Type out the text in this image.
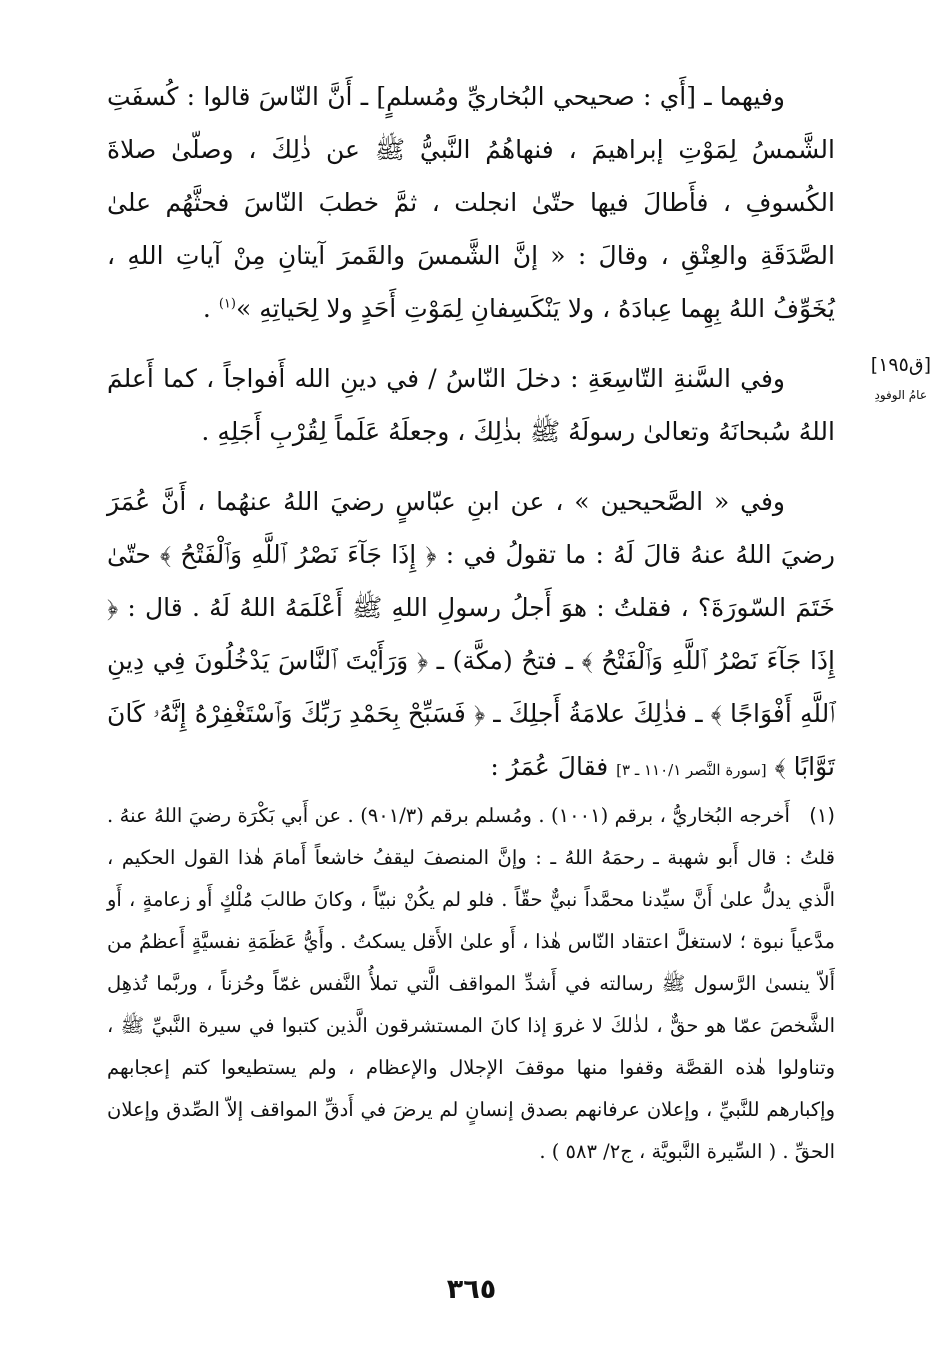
[ق١٩٥]
عامُ الوفودِ

وفيهما ـ [أَي : صحيحي البُخاريِّ ومُسلمٍ] ـ أَنَّ النّاسَ قالوا : كُسفَتِ الشَّمسُ لِمَوْتِ إبراهيمَ ، فنهاهُمُ النَّبيُّ ﷺ عن ذٰلِكَ ، وصلّىٰ صلاةَ الكُسوفِ ، فأَطالَ فيها حتّىٰ انجلت ، ثمَّ خطبَ النّاسَ فحثَّهُم علىٰ الصَّدَقَةِ والعِتْقِ ، وقالَ : « إنَّ الشَّمسَ والقَمرَ آيتانِ مِنْ آياتِ اللهِ ، يُخَوِّفُ اللهُ بِهِما عِبادَهُ ، ولا يَنْكَسِفانِ لِمَوْتِ أَحَدٍ ولا لِحَياتِهِ »$^{(١)}$ .

وفي السَّنةِ التّاسِعَةِ : دخلَ النّاسُ / في دينِ الله أَفواجاً ، كما أَعلمَ اللهُ سُبحانَهُ وتعالىٰ رسولَهُ ﷺ بذٰلِكَ ، وجعلَهُ عَلَماً لِقُرْبِ أَجَلِهِ .

وفي « الصَّحيحين » ، عن ابنِ عبّاسٍ رضيَ اللهُ عنهُما ، أَنَّ عُمَرَ رضيَ اللهُ عنهُ قالَ لَهُ : ما تقولُ في : ﴿ إِذَا جَآءَ نَصْرُ ٱللَّهِ وَٱلْفَتْحُ ﴾ حتّىٰ خَتَمَ السّورَةَ؟ ، فقلتُ : هوَ أَجلُ رسولِ اللهِ ﷺ أَعْلَمَهُ اللهُ لَهُ . قال : ﴿ إِذَا جَآءَ نَصْرُ ٱللَّهِ وَٱلْفَتْحُ ﴾ ـ فتحُ (مكَّة) ـ ﴿ وَرَأَيْتَ ٱلنَّاسَ يَدْخُلُونَ فِي دِينِ ٱللَّهِ أَفْوَاجًا ﴾ ـ فذٰلِكَ علامَةُ أَجلِكَ ـ ﴿ فَسَبِّحْ بِحَمْدِ رَبِّكَ وَٱسْتَغْفِرْهُ إِنَّهُۥ كَانَ تَوَّابًا ﴾ [سورة النَّصر ١١٠/١ ـ ٣] فقالَ عُمَرُ :

(١)   أَخرجه البُخاريُّ ، برقم (١٠٠١) . ومُسلم برقم (٩٠١/٣) . عن أَبي بَكْرَة رضيَ اللهُ عنهُ . قلتُ : قال أَبو شهبة ـ رحمَهُ اللهُ ـ : وإنَّ المنصفَ ليقفُ خاشعاً أَمامَ هٰذا القول الحكيم ، الَّذي يدلُّ علىٰ أَنَّ سيِّدنا محمَّداً نبيٌّ حقّاً . فلو لم يكُنْ نبيّاً ، وكانَ طالبَ مُلْكٍ أَو زعامةٍ ، أَو مدَّعياً نبوة ؛ لاستغلَّ اعتقاد النّاس هٰذا ، أَو علىٰ الأَقل يسكتُ . وأَيُّ عَظَمَةِ نفسيَّةٍ أَعظمُ من أَلاّ ينسىٰ الرَّسول ﷺ رسالته في أَشدِّ المواقف الَّتي تملأُ النَّفس غمّاً وحُزناً ، وربَّما تُذهِل الشَّخصَ عمّا هو حقٌّ ، لذٰلكَ لا غروَ إذا كانَ المستشرقون الَّذين كتبوا في سيرة النَّبيِّ ﷺ ، وتناولوا هٰذه القصَّة وقفوا منها موقفَ الإجلال والإعظام ، ولم يستطيعوا كتم إعجابهم وإكبارهم للنَّبيِّ ، وإعلان عرفانهم بصدق إنسانٍ لم يرضَ في أَدقِّ المواقف إلاّ الصِّدق وإعلان الحقِّ . ( السِّيرة النَّبويَّة ، ج٢/ ٥٨٣ ) .

٣٦٥
